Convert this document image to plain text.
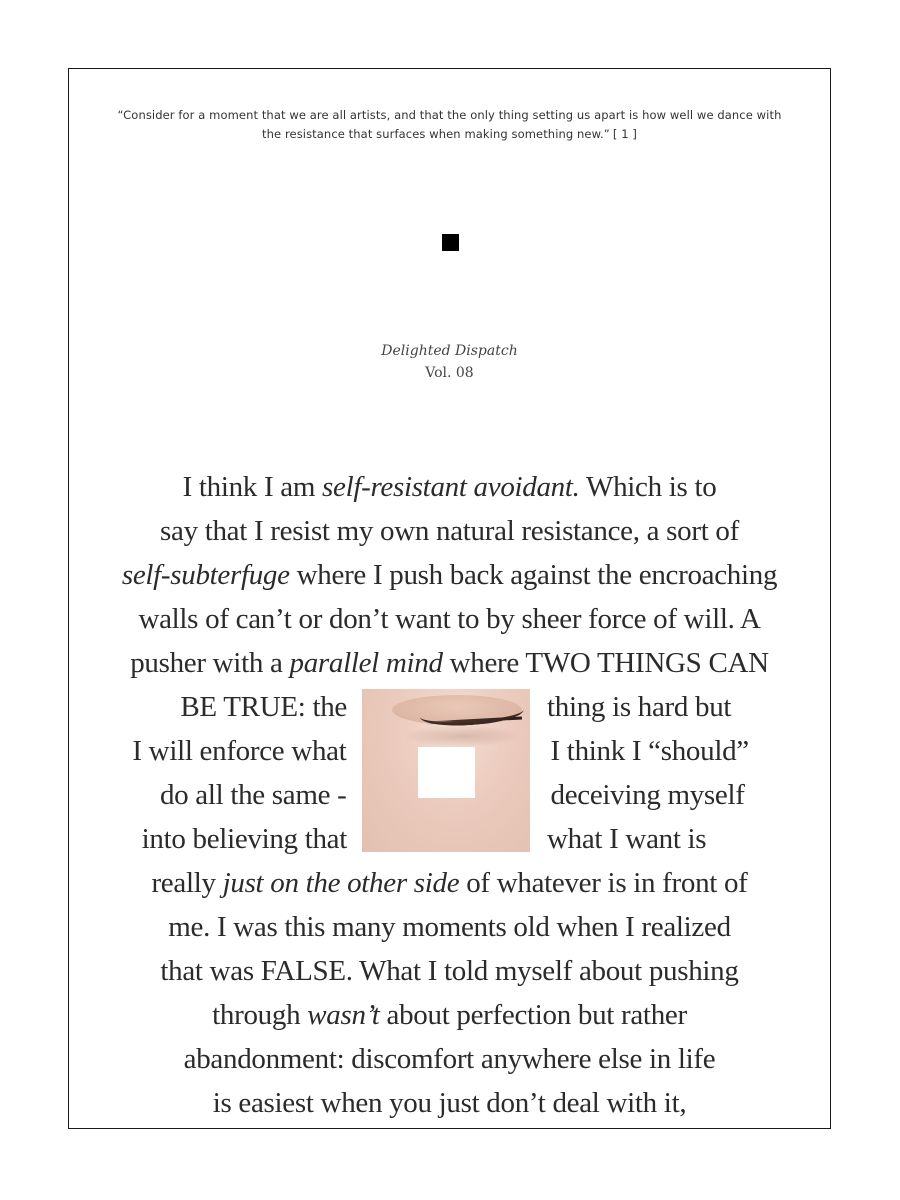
“Consider for a moment that we are all artists, and that the only thing setting us apart is how well we dance with the resistance that surfaces when making something new.” [ 1 ]

Delighted Dispatch
Vol. 08
I think I am self-resistant avoidant. Which is to
say that I resist my own natural resistance, a sort of
self-subterfuge where I push back against the encroaching
walls of can’t or don’t want to by sheer force of will. A
pusher with a parallel mind where TWO THINGS CAN
BE TRUE: the	thing is hard but
I will enforce what	I think I “should”
do all the same -	deceiving myself
into believing that	what I want is
really just on the other side of whatever is in front of
me. I was this many moments old when I realized
that was FALSE. What I told myself about pushing
through wasn’t about perfection but rather
abandonment: discomfort anywhere else in life
is easiest when you just don’t deal with it,
